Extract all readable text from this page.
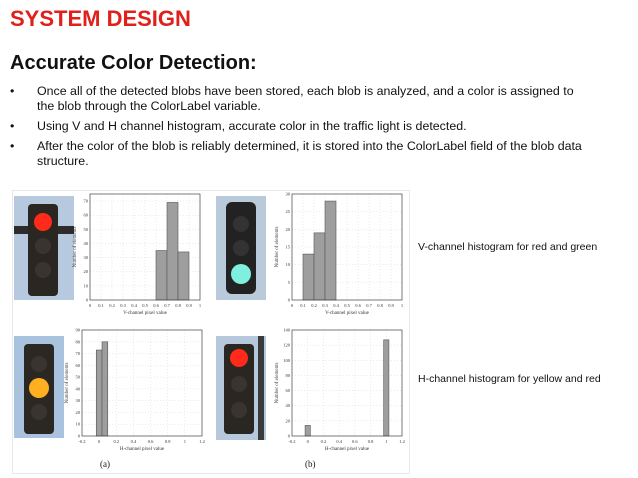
SYSTEM DESIGN
Accurate Color Detection:
• Once all of the detected blobs have been stored, each blob is analyzed, and a color is assigned to the blob through the ColorLabel variable.
• Using V and H channel histogram, accurate color in the traffic light is detected.
• After the color of the blob is reliably determined, it is stored into the ColorLabel field of the blob data structure.
0 0.1 0.2 0.3 0.4 0.5 0.6 0.7 0.8 0.9 1
0
10
20
30
40
50
60
70
V-channel pixel value
Number of elements
0 0.1 0.2 0.3 0.4 0.5 0.6 0.7 0.8 0.9 1
0
5
10
15
20
25
30
V-channel pixel value
Number of elements
-0.2	0	0.2	0.4	0.6	0.8	1	1.2
0
10
20
30
40
50
60
70
80
90
H-channel pixel value
Number of elements
-0.2 0	0.2 0.4 0.6 0.8	1	1.2
0
20
40
60
80
100
120
140
H-channel pixel value
Number of elements
(a)	(b)
V-channel histogram for red and green
H-channel histogram for yellow and red
